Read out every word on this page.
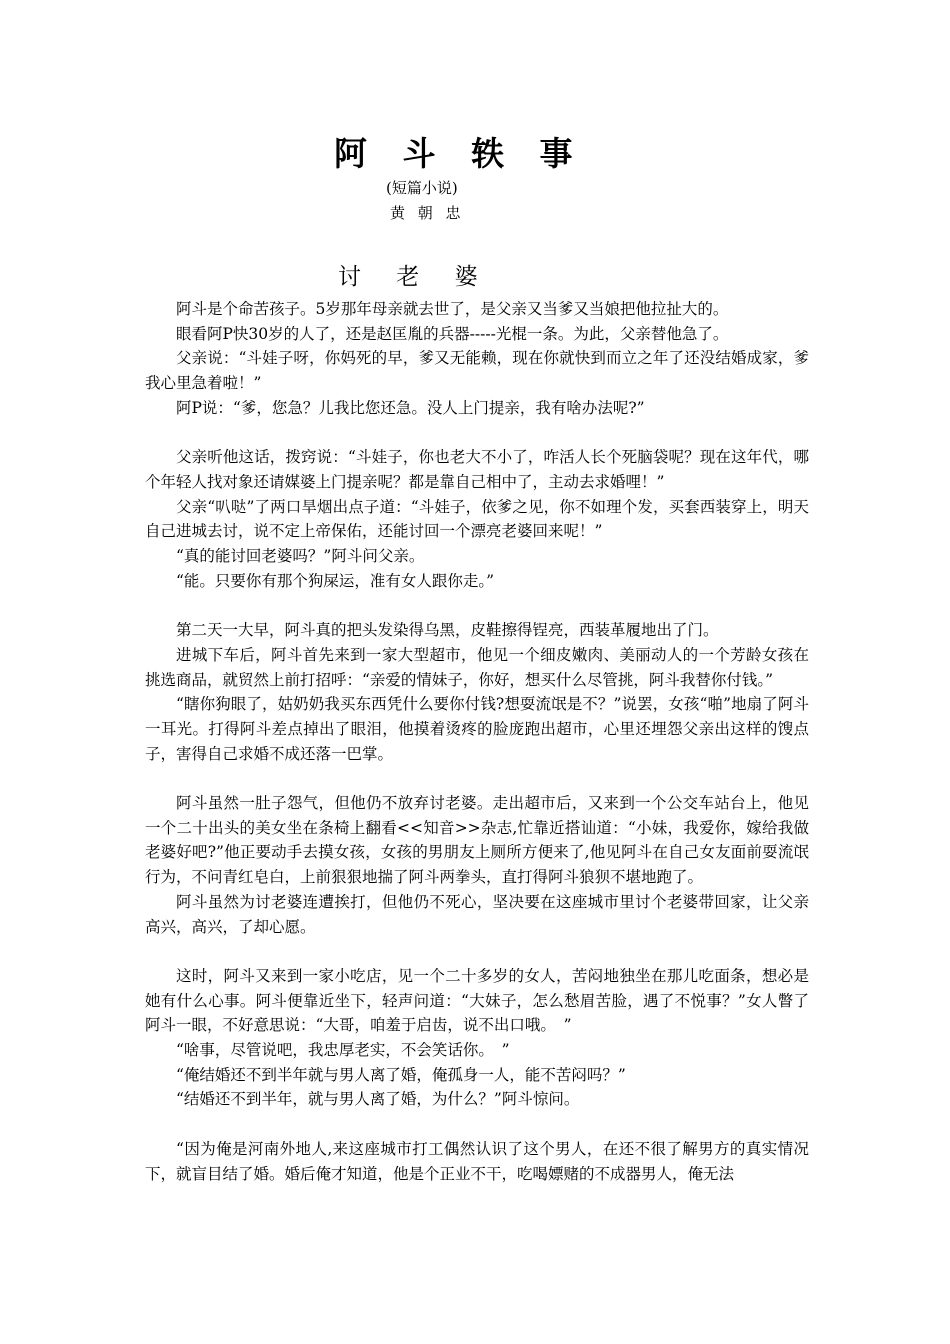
阿 斗 轶 事
(短篇小说)
黄 朝 忠
讨 老 婆

阿斗是个命苦孩子。5岁那年母亲就去世了，是父亲又当爹又当娘把他拉扯大的。

眼看阿P快30岁的人了，还是赵匡胤的兵器-----光棍一条。为此，父亲替他急了。

父亲说：“斗娃子呀，你妈死的早，爹又无能赖，现在你就快到而立之年了还没结婚成家，爹我心里急着啦！”

阿P说：“爹，您急？儿我比您还急。没人上门提亲，我有啥办法呢?”

父亲听他这话，拨窍说：“斗娃子，你也老大不小了，咋活人长个死脑袋呢？现在这年代，哪个年轻人找对象还请媒婆上门提亲呢？都是靠自己相中了，主动去求婚哩！”

父亲“叭哒”了两口旱烟出点子道：“斗娃子，依爹之见，你不如理个发，买套西装穿上，明天自己进城去讨，说不定上帝保佑，还能讨回一个漂亮老婆回来呢！”

“真的能讨回老婆吗？”阿斗问父亲。

“能。只要你有那个狗屎运，准有女人跟你走。”

第二天一大早，阿斗真的把头发染得乌黑，皮鞋擦得锃亮，西装革履地出了门。

进城下车后，阿斗首先来到一家大型超市，他见一个细皮嫩肉、美丽动人的一个芳龄女孩在挑选商品，就贸然上前打招呼：“亲爱的情妹子，你好，想买什么尽管挑，阿斗我替你付钱。”

“瞎你狗眼了，姑奶奶我买东西凭什么要你付钱?想耍流氓是不？”说罢，女孩“啪”地扇了阿斗一耳光。打得阿斗差点掉出了眼泪，他摸着烫疼的脸庞跑出超市，心里还埋怨父亲出这样的馊点子，害得自己求婚不成还落一巴掌。

阿斗虽然一肚子怨气，但他仍不放弃讨老婆。走出超市后，又来到一个公交车站台上，他见一个二十出头的美女坐在条椅上翻看<<知音>>杂志,忙靠近搭讪道：“小妹，我爱你，嫁给我做老婆好吧?”他正要动手去摸女孩，女孩的男朋友上厕所方便来了,他见阿斗在自己女友面前耍流氓行为，不问青红皂白，上前狠狠地揣了阿斗两拳头，直打得阿斗狼狈不堪地跑了。

阿斗虽然为讨老婆连遭挨打，但他仍不死心，坚决要在这座城市里讨个老婆带回家，让父亲高兴，高兴，了却心愿。

这时，阿斗又来到一家小吃店，见一个二十多岁的女人，苦闷地独坐在那儿吃面条，想必是她有什么心事。阿斗便靠近坐下，轻声问道：“大妹子，怎么愁眉苦脸，遇了不悦事？”女人瞥了阿斗一眼，不好意思说：“大哥，咱羞于启齿，说不出口哦。　”

“啥事，尽管说吧，我忠厚老实，不会笑话你。　”

“俺结婚还不到半年就与男人离了婚，俺孤身一人，能不苦闷吗？”

“结婚还不到半年，就与男人离了婚，为什么？”阿斗惊问。

“因为俺是河南外地人,来这座城市打工偶然认识了这个男人，在还不很了解男方的真实情况下，就盲目结了婚。婚后俺才知道，他是个正业不干，吃喝嫖赌的不成器男人，俺无法
